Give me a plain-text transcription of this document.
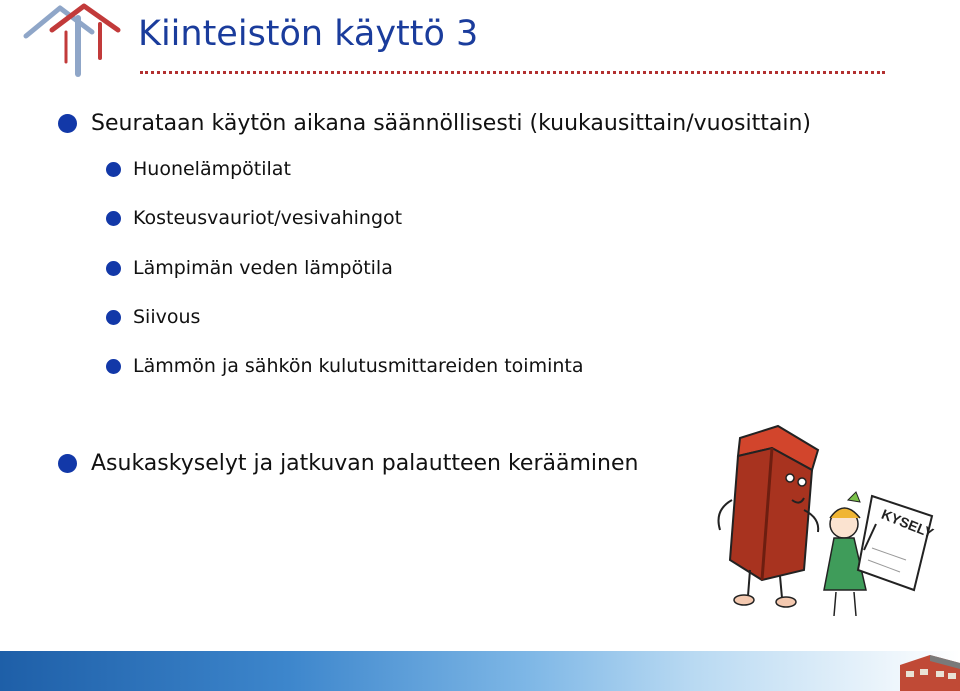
Kiinteistön käyttö 3
Seurataan käytön aikana säännöllisesti (kuukausittain/vuosittain)
Huonelämpötilat
Kosteusvauriot/vesivahingot
Lämpimän veden lämpötila
Siivous
Lämmön ja sähkön kulutusmittareiden toiminta
Asukaskyselyt ja jatkuvan palautteen kerääminen
KYSELY
